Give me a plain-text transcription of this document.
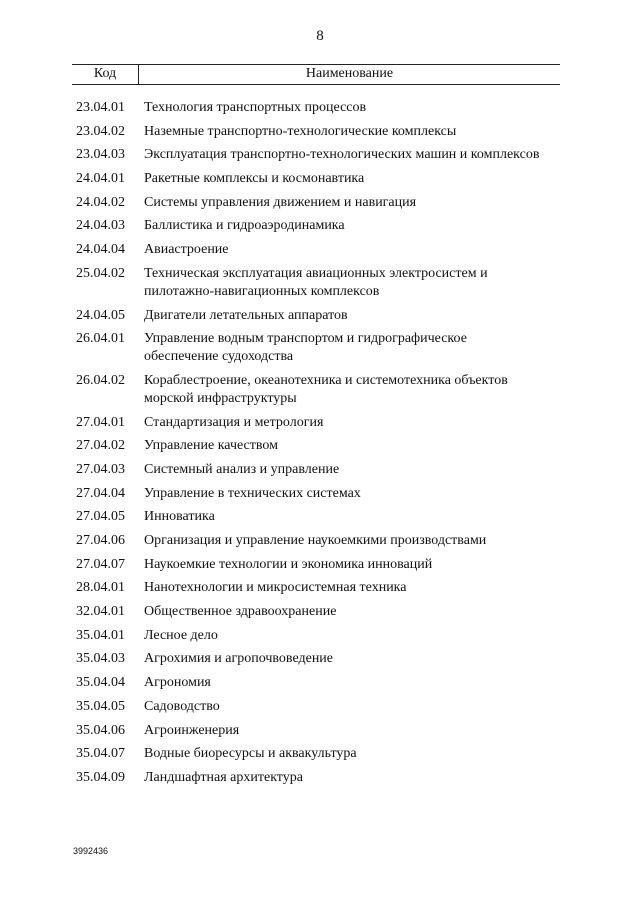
8
Код	Наименование
23.04.01	Технология транспортных процессов
23.04.02	Наземные транспортно-технологические комплексы
23.04.03	Эксплуатация транспортно-технологических машин и комплексов
24.04.01	Ракетные комплексы и космонавтика
24.04.02	Системы управления движением и навигация
24.04.03	Баллистика и гидроаэродинамика
24.04.04	Авиастроение
25.04.02	Техническая эксплуатация авиационных электросистем и пилотажно-навигационных комплексов
24.04.05	Двигатели летательных аппаратов
26.04.01	Управление водным транспортом и гидрографическое обеспечение судоходства
26.04.02	Кораблестроение, океанотехника и системотехника объектов морской инфраструктуры
27.04.01	Стандартизация и метрология
27.04.02	Управление качеством
27.04.03	Системный анализ и управление
27.04.04	Управление в технических системах
27.04.05	Инноватика
27.04.06	Организация и управление наукоемкими производствами
27.04.07	Наукоемкие технологии и экономика инноваций
28.04.01	Нанотехнологии и микросистемная техника
32.04.01	Общественное здравоохранение
35.04.01	Лесное дело
35.04.03	Агрохимия и агропочвоведение
35.04.04	Агрономия
35.04.05	Садоводство
35.04.06	Агроинженерия
35.04.07	Водные биоресурсы и аквакультура
35.04.09	Ландшафтная архитектура
3992436
